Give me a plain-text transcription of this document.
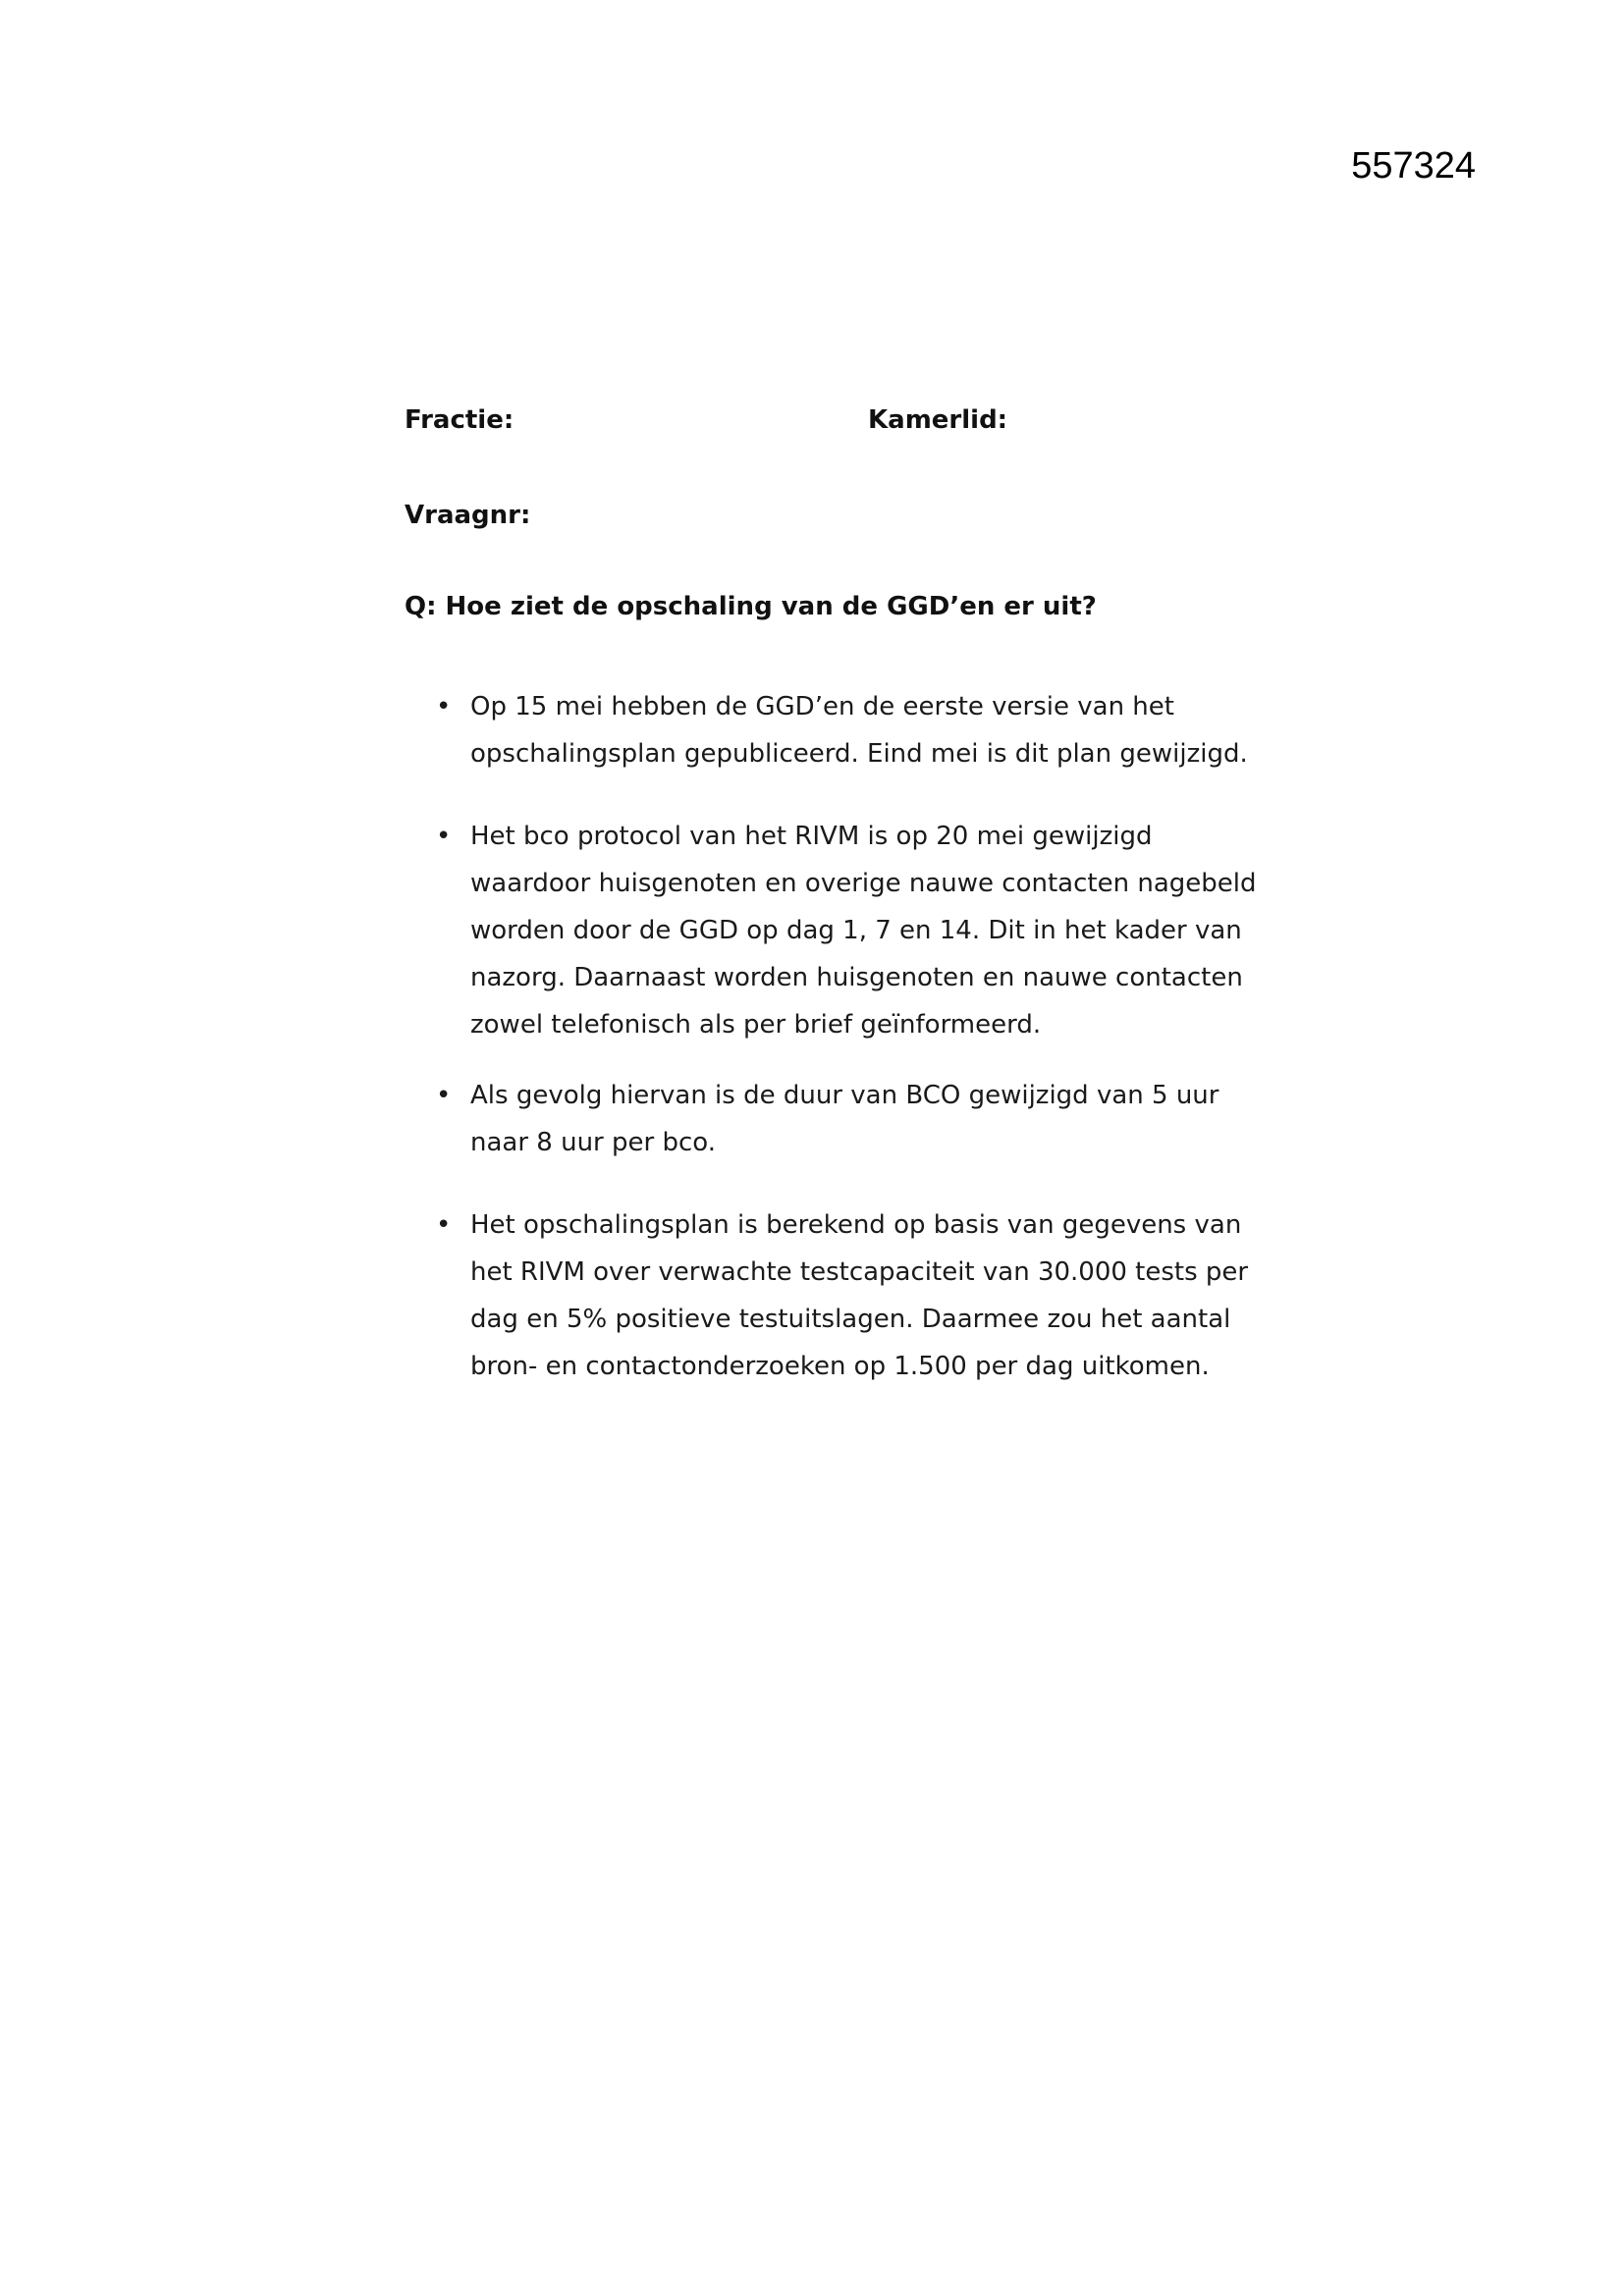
557324
Fractie:	Kamerlid:
Vraagnr:
Q: Hoe ziet de opschaling van de GGD’en er uit?
• Op 15 mei hebben de GGD’en de eerste versie van het opschalingsplan gepubliceerd. Eind mei is dit plan gewijzigd.
• Het bco protocol van het RIVM is op 20 mei gewijzigd waardoor huisgenoten en overige nauwe contacten nagebeld worden door de GGD op dag 1, 7 en 14. Dit in het kader van nazorg. Daarnaast worden huisgenoten en nauwe contacten zowel telefonisch als per brief geïnformeerd.
• Als gevolg hiervan is de duur van BCO gewijzigd van 5 uur naar 8 uur per bco.
• Het opschalingsplan is berekend op basis van gegevens van het RIVM over verwachte testcapaciteit van 30.000 tests per dag en 5% positieve testuitslagen. Daarmee zou het aantal bron- en contactonderzoeken op 1.500 per dag uitkomen.
